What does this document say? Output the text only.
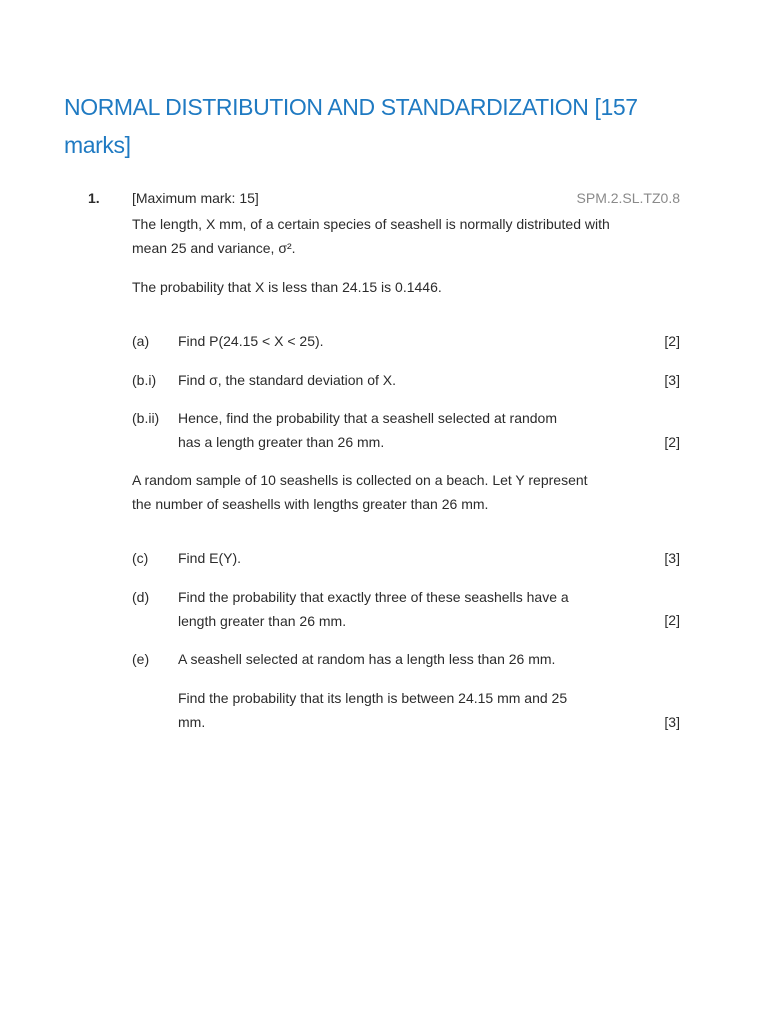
NORMAL DISTRIBUTION AND STANDARDIZATION [157 marks]
1. [Maximum mark: 15]	SPM.2.SL.TZ0.8
The length, X mm, of a certain species of seashell is normally distributed with
mean 25 and variance, σ².
The probability that X is less than 24.15 is 0.1446.
(a) Find P(24.15 < X < 25).	[2]
(b.i) Find σ, the standard deviation of X.	[3]
(b.ii) Hence, find the probability that a seashell selected at random has a length greater than 26 mm.	[2]
A random sample of 10 seashells is collected on a beach. Let Y represent the number of seashells with lengths greater than 26 mm.
(c) Find E(Y).	[3]
(d) Find the probability that exactly three of these seashells have a length greater than 26 mm.	[2]
(e) A seashell selected at random has a length less than 26 mm.
Find the probability that its length is between 24.15 mm and 25 mm.	[3]
